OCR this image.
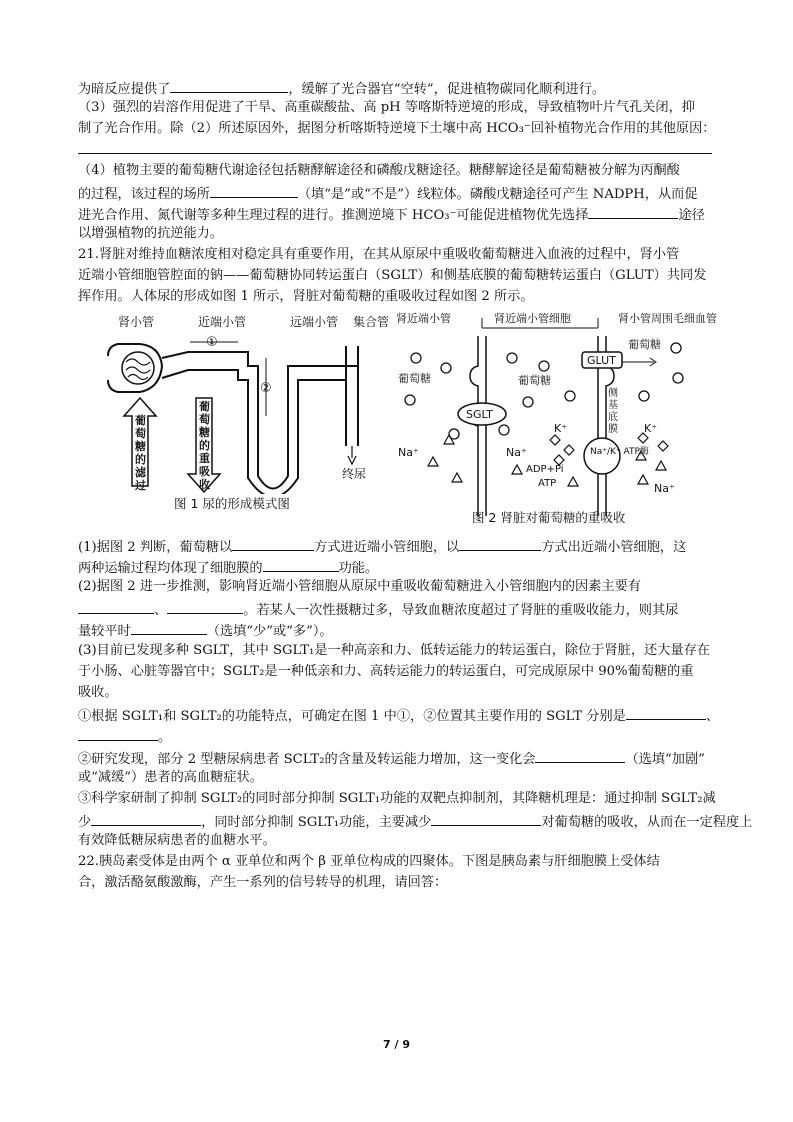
为暗反应提供了	，缓解了光合器官“空转”，促进植物碳同化顺利进行。
（3）强烈的岩溶作用促进了干旱、高重碳酸盐、高 pH 等喀斯特逆境的形成，导致植物叶片气孔关闭，抑
制了光合作用。除（2）所述原因外，据图分析喀斯特逆境下土壤中高 HCO₃⁻回补植物光合作用的其他原因：
（4）植物主要的葡萄糖代谢途径包括糖酵解途径和磷酸戊糖途径。糖酵解途径是葡萄糖被分解为丙酮酸
的过程，该过程的场所	（填“是”或“不是”）线粒体。磷酸戊糖途径可产生 NADPH，从而促
进光合作用、氮代谢等多种生理过程的进行。推测逆境下 HCO₃⁻可能促进植物优先选择	途径
以增强植物的抗逆能力。
21.肾脏对维持血糖浓度相对稳定具有重要作用，在其从原尿中重吸收葡萄糖进入血液的过程中，肾小管
近端小管细胞管腔面的钠——葡萄糖协同转运蛋白（SGLT）和侧基底膜的葡萄糖转运蛋白（GLUT）共同发
挥作用。人体尿的形成如图 1 所示，肾脏对葡萄糖的重吸收过程如图 2 所示。
肾小管	近端小管	远端小管 集合管
①
②
葡
萄
糖
的
滤
过
葡
萄
糖
的
重
吸
收
终尿
图 1 尿的形成模式图
肾近端小管	肾近端小管细胞	肾小管周围毛细血管
GLUT
葡萄糖
侧
基
底
膜
SGLT
葡萄糖	葡萄糖
Na⁺	Na⁺
K⁺	K⁺
Na⁺
Na⁺/K⁺ ATP酶
ADP+Pi
ATP
图 2 肾脏对葡萄糖的重吸收
(1)据图 2 判断，葡萄糖以	方式进近端小管细胞，以	方式出近端小管细胞，这
两种运输过程均体现了细胞膜的	功能。
(2)据图 2 进一步推测，影响肾近端小管细胞从原尿中重吸收葡萄糖进入小管细胞内的因素主要有
、	。若某人一次性摄糖过多，导致血糖浓度超过了肾脏的重吸收能力，则其尿
量较平时	（选填“少”或“多”）。
(3)目前已发现多种 SGLT，其中 SGLT₁是一种高亲和力、低转运能力的转运蛋白，除位于肾脏，还大量存在
于小肠、心脏等器官中；SGLT₂是一种低亲和力、高转运能力的转运蛋白，可完成原尿中 90%葡萄糖的重
吸收。
①根据 SGLT₁和 SGLT₂的功能特点，可确定在图 1 中①，②位置其主要作用的 SGLT 分别是	、
。
②研究发现，部分 2 型糖尿病患者 SCLT₂的含量及转运能力增加，这一变化会	（选填“加剧”
或“减缓”）患者的高血糖症状。
③科学家研制了抑制 SGLT₂的同时部分抑制 SGLT₁功能的双靶点抑制剂，其降糖机理是：通过抑制 SGLT₂减
少	，同时部分抑制 SGLT₁功能，主要减少	对葡萄糖的吸收，从而在一定程度上
有效降低糖尿病患者的血糖水平。
22.胰岛素受体是由两个 α 亚单位和两个 β 亚单位构成的四聚体。下图是胰岛素与肝细胞膜上受体结
合，激活酪氨酸激酶，产生一系列的信号转导的机理，请回答：
7 / 9
